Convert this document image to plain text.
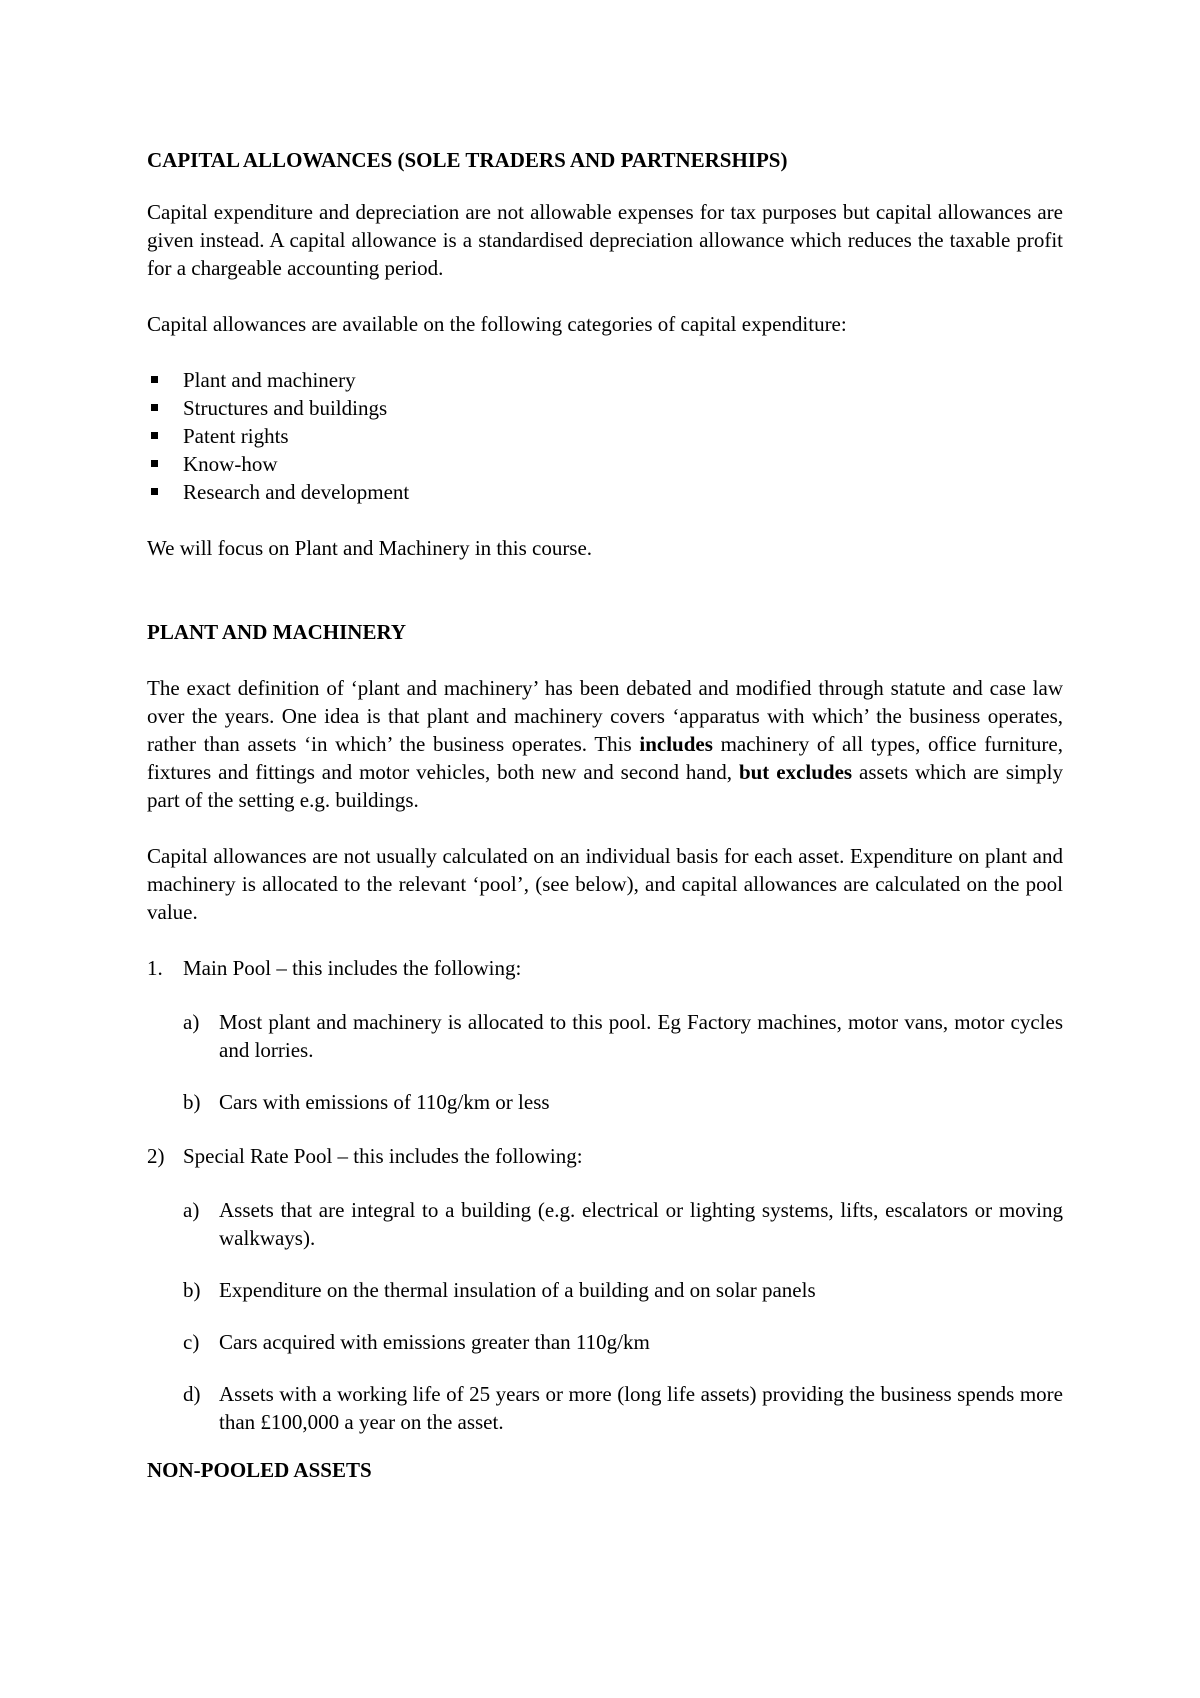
CAPITAL ALLOWANCES (SOLE TRADERS AND PARTNERSHIPS)

Capital expenditure and depreciation are not allowable expenses for tax purposes but capital allowances are given instead. A capital allowance is a standardised depreciation allowance which reduces the taxable profit for a chargeable accounting period.

Capital allowances are available on the following categories of capital expenditure:

Plant and machinery
Structures and buildings
Patent rights
Know-how
Research and development

We will focus on Plant and Machinery in this course.

PLANT AND MACHINERY

The exact definition of ‘plant and machinery’ has been debated and modified through statute and case law over the years. One idea is that plant and machinery covers ‘apparatus with which’ the business operates, rather than assets ‘in which’ the business operates. This includes machinery of all types, office furniture, fixtures and fittings and motor vehicles, both new and second hand, but excludes assets which are simply part of the setting e.g. buildings.

Capital allowances are not usually calculated on an individual basis for each asset. Expenditure on plant and machinery is allocated to the relevant ‘pool’, (see below), and capital allowances are calculated on the pool value.

1. Main Pool – this includes the following:

a) Most plant and machinery is allocated to this pool. Eg Factory machines, motor vans, motor cycles and lorries.

b) Cars with emissions of 110g/km or less

2) Special Rate Pool – this includes the following:

a) Assets that are integral to a building (e.g. electrical or lighting systems, lifts, escalators or moving walkways).

b) Expenditure on the thermal insulation of a building and on solar panels

c) Cars acquired with emissions greater than 110g/km

d) Assets with a working life of 25 years or more (long life assets) providing the business spends more than £100,000 a year on the asset.

NON-POOLED ASSETS
